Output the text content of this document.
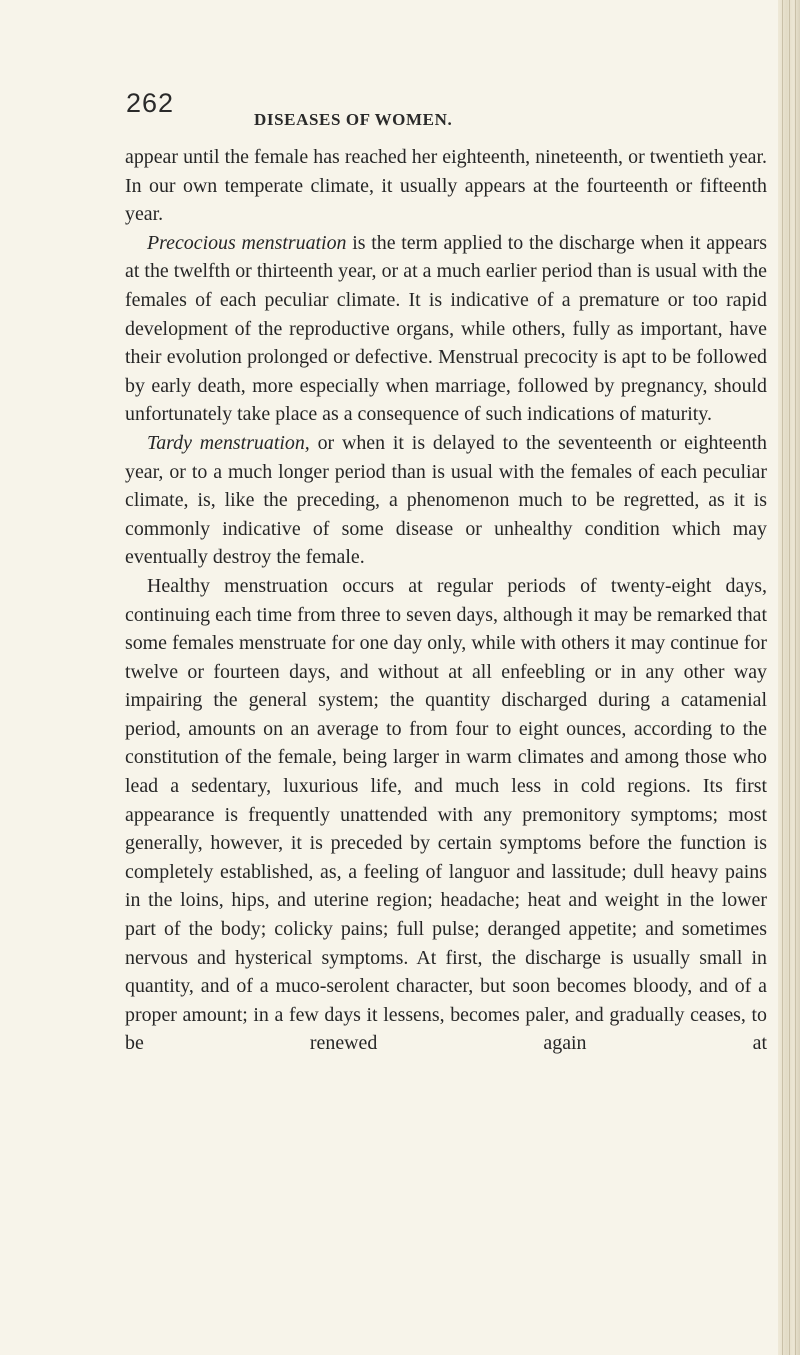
262
DISEASES OF WOMEN.

appear until the female has reached her eighteenth, nineteenth, or twentieth year. In our own temperate climate, it usually appears at the fourteenth or fifteenth year.

Precocious menstruation is the term applied to the discharge when it appears at the twelfth or thirteenth year, or at a much earlier period than is usual with the females of each peculiar climate. It is indicative of a premature or too rapid development of the reproductive organs, while others, fully as important, have their evolution prolonged or defective. Menstrual precocity is apt to be followed by early death, more especially when marriage, followed by pregnancy, should unfortunately take place as a consequence of such indications of maturity.

Tardy menstruation, or when it is delayed to the seventeenth or eighteenth year, or to a much longer period than is usual with the females of each peculiar climate, is, like the preceding, a phenomenon much to be regretted, as it is commonly indicative of some disease or unhealthy condition which may eventually destroy the female.

Healthy menstruation occurs at regular periods of twenty-eight days, continuing each time from three to seven days, although it may be remarked that some females menstruate for one day only, while with others it may continue for twelve or fourteen days, and without at all enfeebling or in any other way impairing the general system; the quantity discharged during a catamenial period, amounts on an average to from four to eight ounces, according to the constitution of the female, being larger in warm climates and among those who lead a sedentary, luxurious life, and much less in cold regions. Its first appearance is frequently unattended with any premonitory symptoms; most generally, however, it is preceded by certain symptoms before the function is completely established, as, a feeling of languor and lassitude; dull heavy pains in the loins, hips, and uterine region; headache; heat and weight in the lower part of the body; colicky pains; full pulse; deranged appetite; and sometimes nervous and hysterical symptoms. At first, the discharge is usually small in quantity, and of a muco-serolent character, but soon becomes bloody, and of a proper amount; in a few days it lessens, becomes paler, and gradually ceases, to be renewed again at
